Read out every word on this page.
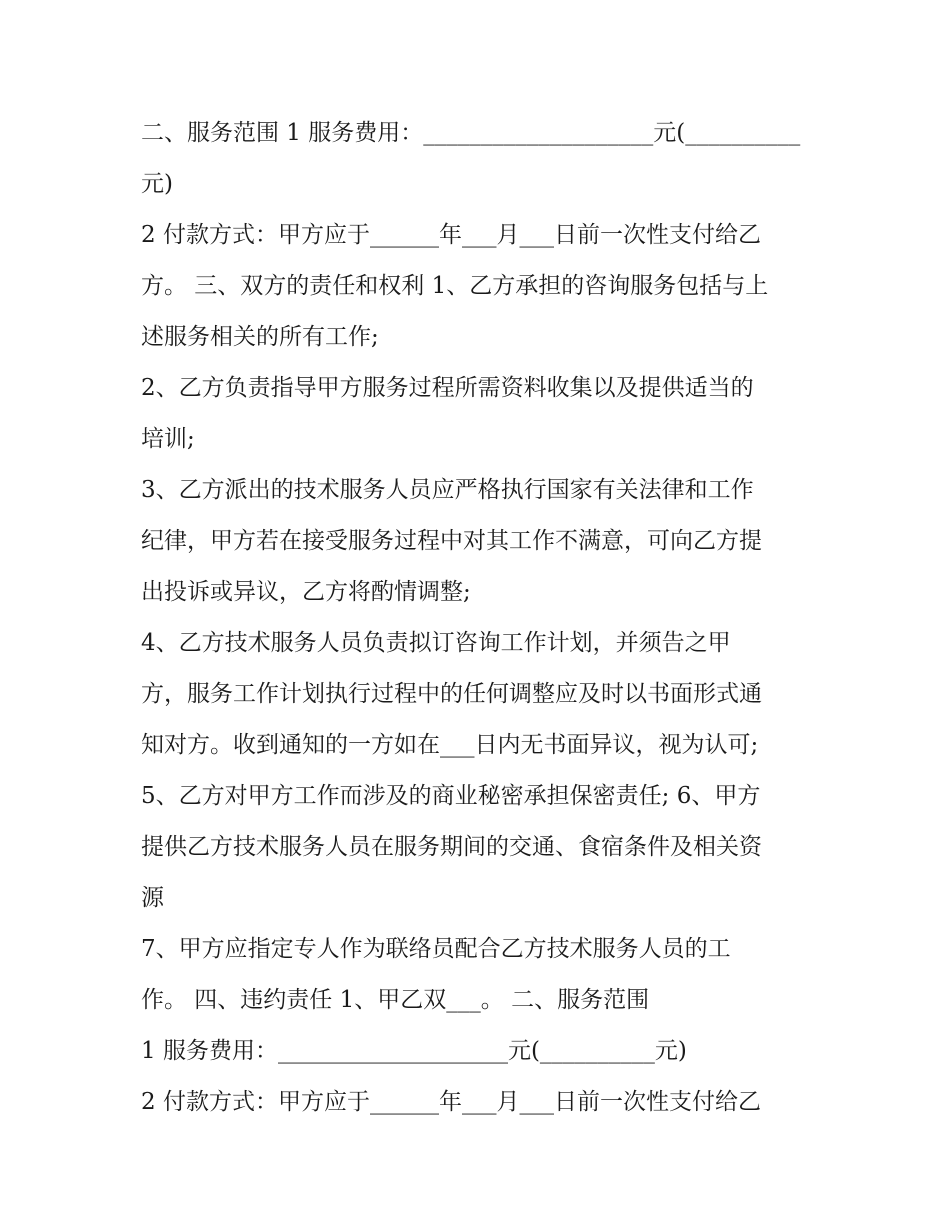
二、服务范围 1 服务费用：____________________元(__________
元)
2 付款方式：甲方应于______年___月___日前一次性支付给乙
方。 三、双方的责任和权利 1、乙方承担的咨询服务包括与上
述服务相关的所有工作;
2、乙方负责指导甲方服务过程所需资料收集以及提供适当的
培训;
3、乙方派出的技术服务人员应严格执行国家有关法律和工作
纪律，甲方若在接受服务过程中对其工作不满意，可向乙方提
出投诉或异议，乙方将酌情调整;
4、乙方技术服务人员负责拟订咨询工作计划，并须告之甲
方，服务工作计划执行过程中的任何调整应及时以书面形式通
知对方。收到通知的一方如在___日内无书面异议，视为认可;
5、乙方对甲方工作而涉及的商业秘密承担保密责任; 6、甲方
提供乙方技术服务人员在服务期间的交通、食宿条件及相关资
源
7、甲方应指定专人作为联络员配合乙方技术服务人员的工
作。 四、违约责任 1、甲乙双___。 二、服务范围
1 服务费用：____________________元(__________元)
2 付款方式：甲方应于______年___月___日前一次性支付给乙
